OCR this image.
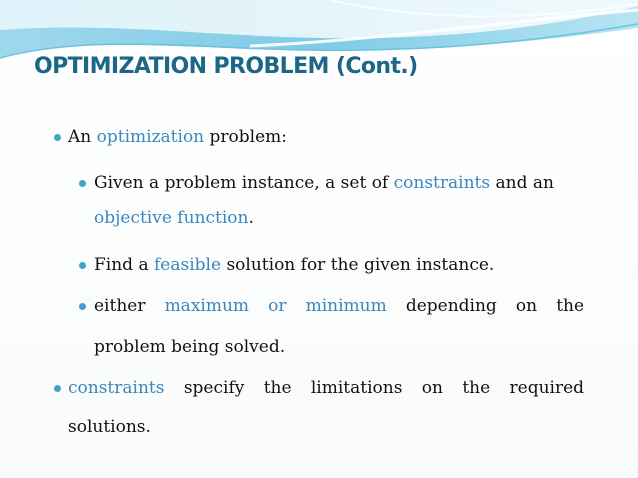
OPTIMIZATION PROBLEM (Cont.)
An optimization problem:
Given a problem instance, a set of constraints and an
objective function.
Find a feasible solution for the given instance.
either maximum or minimum depending on the
problem being solved.
constraints specify the limitations on the required
solutions.
